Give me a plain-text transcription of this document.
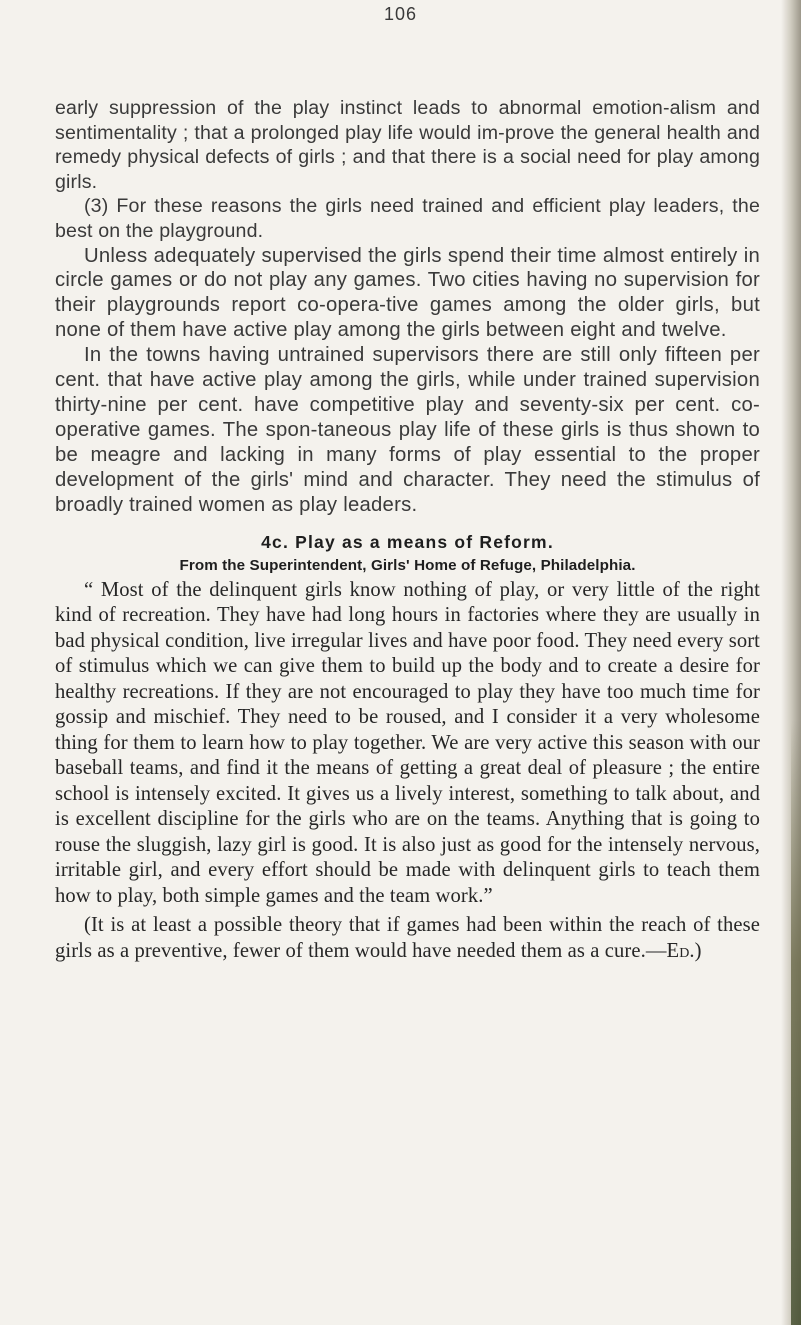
106

early suppression of the play instinct leads to abnormal emotion-alism and sentimentality ; that a prolonged play life would im-prove the general health and remedy physical defects of girls ; and that there is a social need for play among girls.

(3) For these reasons the girls need trained and efficient play leaders, the best on the playground.

Unless adequately supervised the girls spend their time almost entirely in circle games or do not play any games. Two cities having no supervision for their playgrounds report co-opera-tive games among the older girls, but none of them have active play among the girls between eight and twelve.

In the towns having untrained supervisors there are still only fifteen per cent. that have active play among the girls, while under trained supervision thirty-nine per cent. have competitive play and seventy-six per cent. co-operative games. The spon-taneous play life of these girls is thus shown to be meagre and lacking in many forms of play essential to the proper development of the girls' mind and character. They need the stimulus of broadly trained women as play leaders.

4c. Play as a means of Reform.
From the Superintendent, Girls' Home of Refuge, Philadelphia.

“ Most of the delinquent girls know nothing of play, or very little of the right kind of recreation. They have had long hours in factories where they are usually in bad physical condition, live irregular lives and have poor food. They need every sort of stimulus which we can give them to build up the body and to create a desire for healthy recreations. If they are not encouraged to play they have too much time for gossip and mischief. They need to be roused, and I consider it a very wholesome thing for them to learn how to play together. We are very active this season with our baseball teams, and find it the means of getting a great deal of pleasure ; the entire school is intensely excited. It gives us a lively interest, something to talk about, and is excellent discipline for the girls who are on the teams. Anything that is going to rouse the sluggish, lazy girl is good. It is also just as good for the intensely nervous, irritable girl, and every effort should be made with delinquent girls to teach them how to play, both simple games and the team work.”

(It is at least a possible theory that if games had been within the reach of these girls as a preventive, fewer of them would have needed them as a cure.—Ed.)
